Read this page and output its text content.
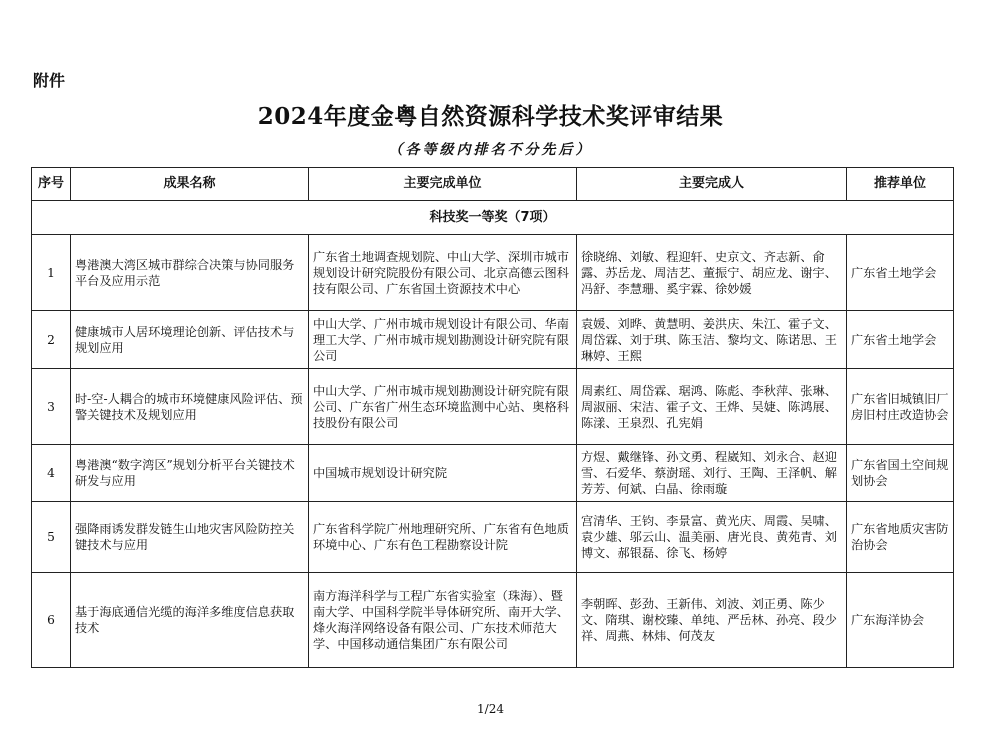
附件
2024年度金粤自然资源科学技术奖评审结果
（各等级内排名不分先后）
序号	成果名称	主要完成单位	主要完成人	推荐单位
科技奖一等奖（7项）				
1	粤港澳大湾区城市群综合决策与协同服务平台及应用示范	广东省土地调查规划院、中山大学、深圳市城市规划设计研究院股份有限公司、北京高德云图科技有限公司、广东省国土资源技术中心	徐晓绵、刘敏、程迎轩、史京文、齐志新、俞露、苏岳龙、周洁艺、董振宁、胡应龙、谢宇、冯舒、李慧珊、奚宇霖、徐妙媛	广东省土地学会
2	健康城市人居环境理论创新、评估技术与规划应用	中山大学、广州市城市规划设计有限公司、华南理工大学、广州市城市规划勘测设计研究院有限公司	袁媛、刘晔、黄慧明、姜洪庆、朱江、霍子文、周岱霖、刘于琪、陈玉洁、黎均文、陈诺思、王琳婷、王熙	广东省土地学会
3	时-空-人耦合的城市环境健康风险评估、预警关键技术及规划应用	中山大学、广州市城市规划勘测设计研究院有限公司、广东省广州生态环境监测中心站、奥格科技股份有限公司	周素红、周岱霖、琚鸿、陈彪、李秋萍、张琳、周淑丽、宋洁、霍子文、王烨、吴婕、陈鸿展、陈漾、王泉烈、孔宪娟	广东省旧城镇旧厂房旧村庄改造协会
4	粤港澳“数字湾区”规划分析平台关键技术研发与应用	中国城市规划设计研究院	方煜、戴继锋、孙文勇、程崴知、刘永合、赵迎雪、石爱华、蔡澍瑶、刘行、王陶、王泽帆、解芳芳、何斌、白晶、徐雨璇	广东省国土空间规划协会
5	强降雨诱发群发链生山地灾害风险防控关键技术与应用	广东省科学院广州地理研究所、广东省有色地质环境中心、广东有色工程勘察设计院	宫清华、王钧、李景富、黄光庆、周霞、吴啸、袁少雄、邬云山、温美丽、唐光良、黄苑青、刘博文、郝银磊、徐飞、杨婷	广东省地质灾害防治协会
6	基于海底通信光缆的海洋多维度信息获取技术	南方海洋科学与工程广东省实验室（珠海）、暨南大学、中国科学院半导体研究所、南开大学、烽火海洋网络设备有限公司、广东技术师范大学、中国移动通信集团广东有限公司	李朝晖、彭劲、王新伟、刘波、刘正勇、陈少文、隋琪、谢校臻、单纯、严岳林、孙亮、段少祥、周燕、林炜、何茂友	广东海洋协会
1/24
